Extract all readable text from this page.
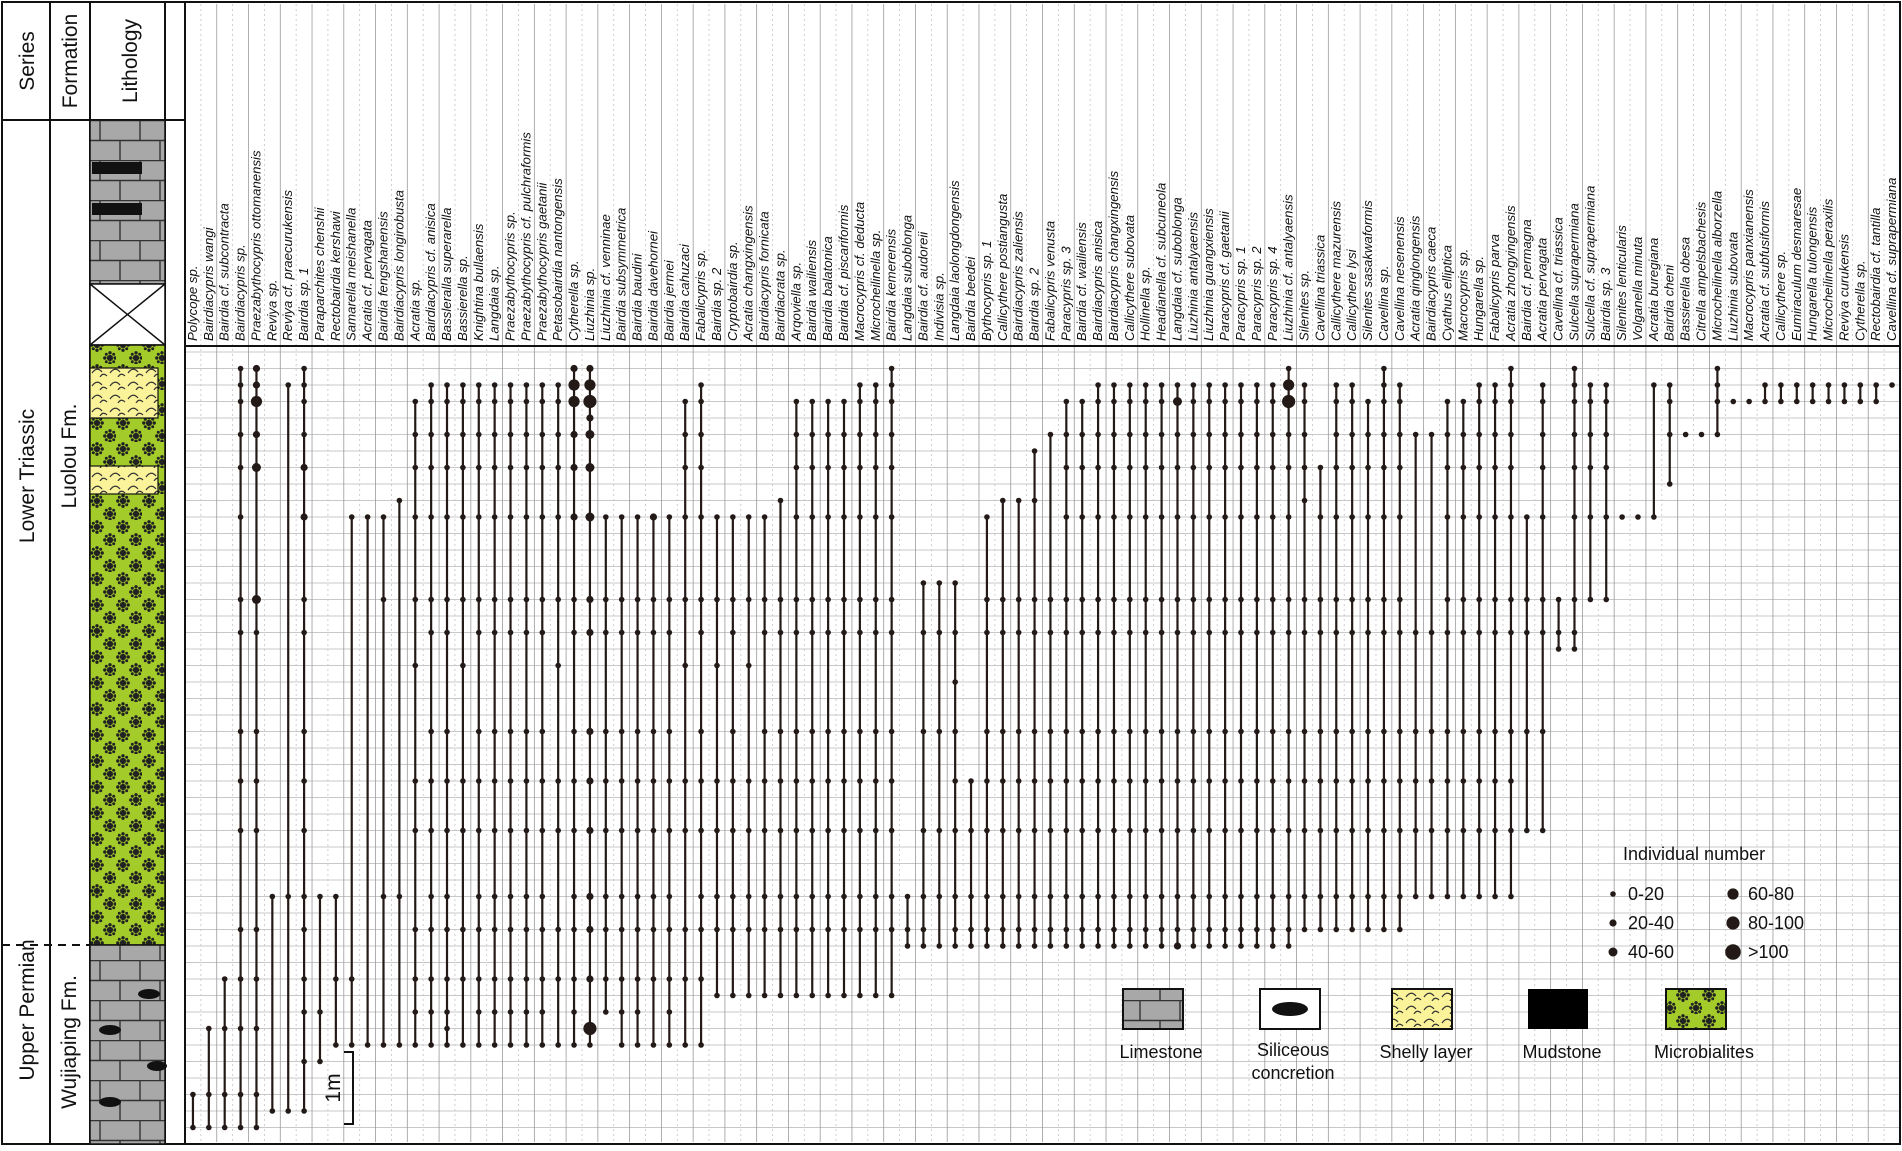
Series Formation Lithology
Lower Triassic
Upper Permian
Luolou Fm.
Wujiaping Fm.	1m
Polycope sp. Bairdiacypris wangi Bairdia cf. subcontracta Bairdiacypris sp. Praezabythocypris ottomanensis Reviya sp. Reviya cf. praecurukensis Bairdia sp. 1 Paraparchites chenshii Rectobairdia kershawi Samarella meishanella Acratia cf. pervagata Bairdia fengshanensis Bairdiacypris longirobusta Acratia sp. Bairdiacypris cf. anisica Bassleralla superarella Bassierella sp. Knightina bullaensis Langdaia sp. Praezabythocypris sp. Praezabythocypris cf. pulchraformis Praezabythocypris gaetanii Petasobairdia nantongensis Cytherella sp. Liuzhinia sp. Liuzhinia cf. venninae Bairdia subsymmetrica Bairdia baudini Bairdia davehornei Bairdia jermei Bairdia cahuzaci Fabalicypris sp. Bairdia sp. 2 Cryptobairdia sp. Acratia changxingensis Bairdiacypris fornicata Bairdiacrata sp. Arqoviella sp. Bairdia wailiensis Bairdia balatonica Bairdia cf. piscariformis Macrocypris cf. deducta Microcheilinella sp. Bairdia kemerensis Langdaia suboblonga Bairdia cf. audoreii Indivisia sp. Langdaia laolongdongensis Bairdia beedei Bythocypris sp. 1 Callicythere postiangusta Bairdiacypris zaliensis Bairdia sp. 2 Fabalicypris venusta Paracypris sp. 3 Bairdia cf. wailiensis Bairdiacypris anisica Bairdiacypris changxingensis Callicythere subovata Hollinella sp. Headianella cf. subcuneola Langdaia cf. suboblonga Liuzhinia antalyaensis Liuzhinia guangxiensis Paracypris cf. gaetanii Paracypris sp. 1 Paracypris sp. 2 Paracypris sp. 4 Liuzhinia cf. antalyaensis Silenites sp. Cavellina triassica Callicythere mazurensis Callicythere lysi Silenites sasakwaformis Cavellina sp. Cavellina nesenensis Acratia qinglongensis Bairdiacypris caeca Cyathus elliptica Macrocypris sp. Hungarella sp. Fabalicypris parva Acratia zhongyingensis Bairdia cf. permagna Acratia pervagata Cavellina cf. triassica Sulcella suprapermiana Sulcella cf. suprapermiana Bairdia sp. 3 Silenites lenticularis Volganella minuta Acratia buregiana Bairdia cheni Bassierella obesa Citrella ampelsbachesis Microcheilinella alborzella Liuzhinia subovata Macrocypris panxianensis Acratia cf. subfusiformis Callicythere sp. Eumiraculum desmaresae Hungarella tulongensis Microcheilinella peraxilis Reviya curukensis Cytherella sp. Rectobairdia cf. tantilla Cavellina cf. suprapermiana
Limestone	Siliceous
concretion
Shelly layer	Mudstone	Microbialites
Individual number
0-20
20-40
40-60
60-80
80-100
>100
